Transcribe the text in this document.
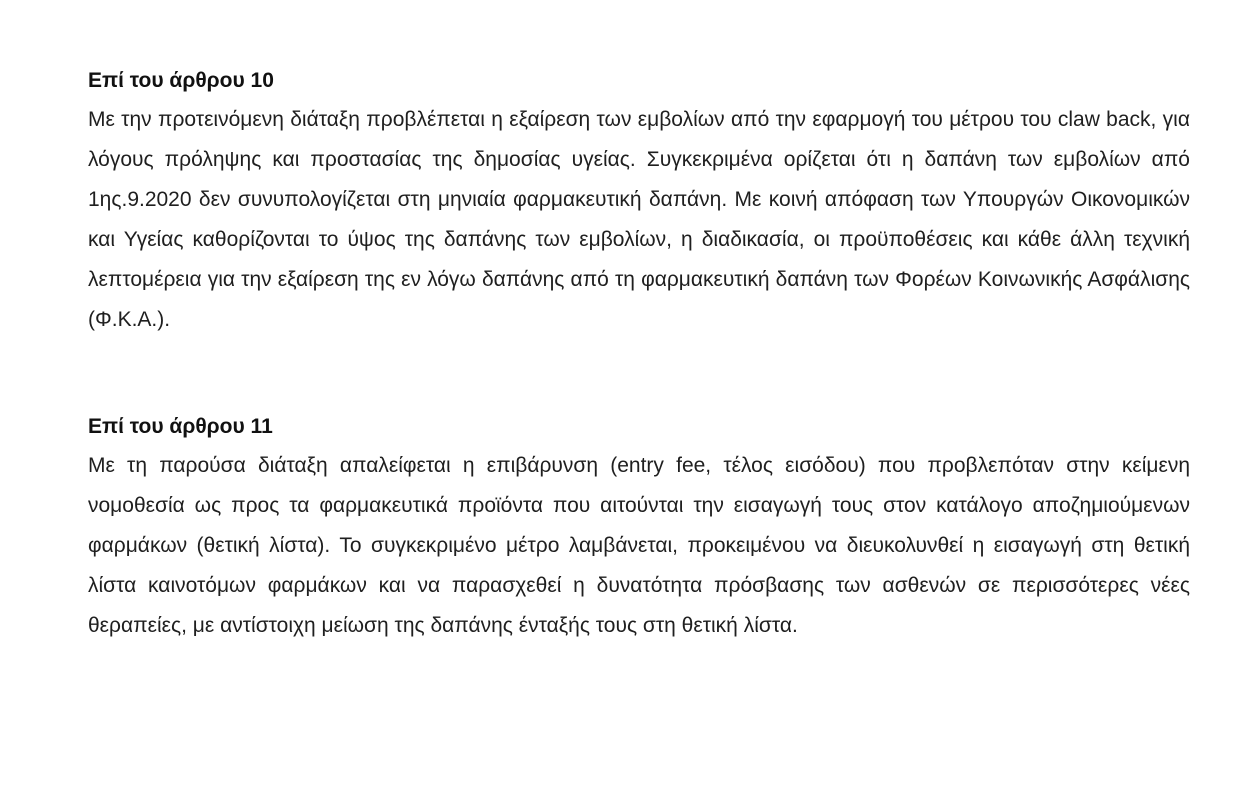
Επί του άρθρου 10

Με την προτεινόμενη διάταξη προβλέπεται η εξαίρεση των εμβολίων από την εφαρμογή του μέτρου του claw back, για λόγους πρόληψης και προστασίας της δημοσίας υγείας. Συγκεκριμένα ορίζεται ότι η δαπάνη των εμβολίων από 1ης.9.2020 δεν συνυπολογίζεται στη μηνιαία φαρμακευτική δαπάνη. Με κοινή απόφαση των Υπουργών Οικονομικών και Υγείας καθορίζονται το ύψος της δαπάνης των εμβολίων, η διαδικασία, οι προϋποθέσεις και κάθε άλλη τεχνική λεπτομέρεια για την εξαίρεση της εν λόγω δαπάνης από τη φαρμακευτική δαπάνη των Φορέων Κοινωνικής Ασφάλισης (Φ.Κ.Α.).

Επί του άρθρου 11

Με τη παρούσα διάταξη απαλείφεται η επιβάρυνση (entry fee, τέλος εισόδου) που προβλεπόταν στην κείμενη νομοθεσία ως προς τα φαρμακευτικά προϊόντα που αιτούνται την εισαγωγή τους στον κατάλογο αποζημιούμενων φαρμάκων (θετική λίστα). Το συγκεκριμένο μέτρο λαμβάνεται, προκειμένου να διευκολυνθεί η εισαγωγή στη θετική λίστα καινοτόμων φαρμάκων και να παρασχεθεί η δυνατότητα πρόσβασης των ασθενών σε περισσότερες νέες θεραπείες, με αντίστοιχη μείωση της δαπάνης ένταξής τους στη θετική λίστα.
